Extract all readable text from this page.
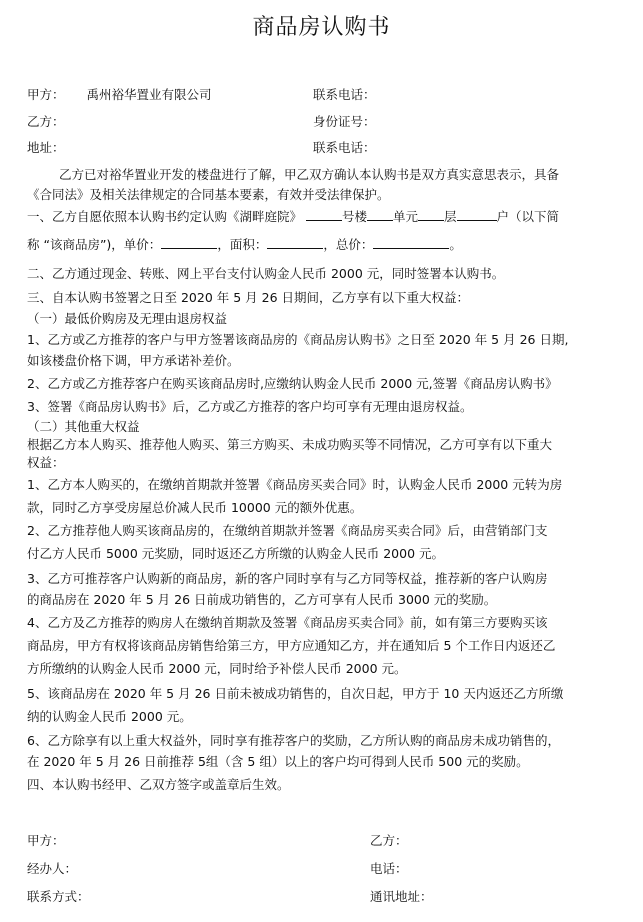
商品房认购书
甲方： 禹州裕华置业有限公司	联系电话：
乙方：	身份证号：
地址：	联系电话：
乙方已对裕华置业开发的楼盘进行了解，甲乙双方确认本认购书是双方真实意思表示，具备
《合同法》及相关法律规定的合同基本要素，有效并受法律保护。
一、乙方自愿依照本认购书约定认购《湖畔庭院》	号楼 单元 层	户（以下简
称 “该商品房”)，单价：	，面积：	，总价：	。
二、乙方通过现金、转账、网上平台支付认购金人民币 2000 元，同时签署本认购书。
三、自本认购书签署之日至 2020 年 5 月 26 日期间，乙方享有以下重大权益：
（一）最低价购房及无理由退房权益
1、乙方或乙方推荐的客户与甲方签署该商品房的《商品房认购书》之日至 2020 年 5 月 26 日期,
如该楼盘价格下调，甲方承诺补差价。
2、乙方或乙方推荐客户在购买该商品房时,应缴纳认购金人民币 2000 元,签署《商品房认购书》
3、签署《商品房认购书》后，乙方或乙方推荐的客户均可享有无理由退房权益。
（二）其他重大权益
根据乙方本人购买、推荐他人购买、第三方购买、未成功购买等不同情况，乙方可享有以下重大
权益：
1、乙方本人购买的，在缴纳首期款并签署《商品房买卖合同》时，认购金人民币 2000 元转为房
款，同时乙方享受房屋总价减人民币 10000 元的额外优惠。
2、乙方推荐他人购买该商品房的，在缴纳首期款并签署《商品房买卖合同》后，由营销部门支
付乙方人民币 5000 元奖励，同时返还乙方所缴的认购金人民币 2000 元。
3、乙方可推荐客户认购新的商品房，新的客户同时享有与乙方同等权益，推荐新的客户认购房
的商品房在 2020 年 5 月 26 日前成功销售的，乙方可享有人民币 3000 元的奖励。
4、乙方及乙方推荐的购房人在缴纳首期款及签署《商品房买卖合同》前，如有第三方要购买该
商品房，甲方有权将该商品房销售给第三方，甲方应通知乙方，并在通知后 5 个工作日内返还乙
方所缴纳的认购金人民币 2000 元，同时给予补偿人民币 2000 元。
5、该商品房在 2020 年 5 月 26 日前未被成功销售的，自次日起，甲方于 10 天内返还乙方所缴
纳的认购金人民币 2000 元。
6、乙方除享有以上重大权益外，同时享有推荐客户的奖励，乙方所认购的商品房未成功销售的，
在 2020 年 5 月 26 日前推荐 5组（含 5 组）以上的客户均可得到人民币 500 元的奖励。
四、本认购书经甲、乙双方签字或盖章后生效。
甲方：	乙方：
经办人：	电话：
联系方式：	通讯地址：
